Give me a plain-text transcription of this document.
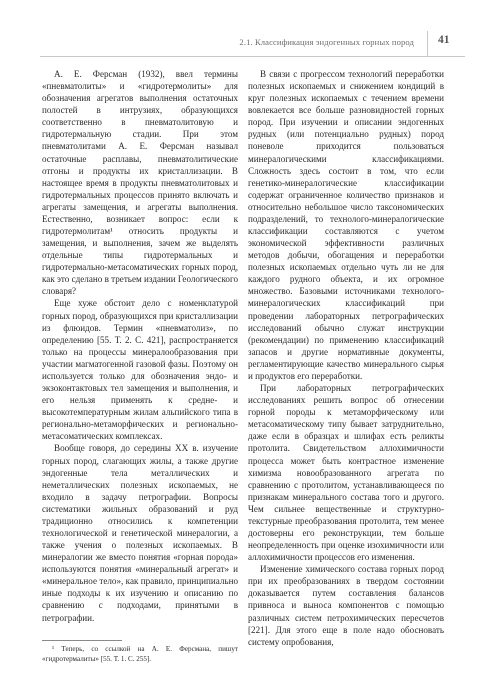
2.1. Классификация эндогенных горных пород 41

А. Е. Ферсман (1932), ввел термины «пневматолиты» и «гидротермолиты» для обозначения агрегатов выполнения остаточных полостей в интрузиях, образующихся соответственно в пневматолитовую и гидротермальную стадии. При этом пневматолитами А. Е. Ферсман называл остаточные расплавы, пневматолитические отгоны и продукты их кристаллизации. В настоящее время в продукты пневматолитовых и гидротермальных процессов принято включать и агрегаты замещения, и агрегаты выполнения. Естественно, возникает вопрос: если к гидротермолитам¹ относить продукты и замещения, и выполнения, зачем же выделять отдельные типы гидротермальных и гидротермально-метасоматических горных пород, как это сделано в третьем издании Геологического словаря?

Еще хуже обстоит дело с номенклатурой горных пород, образующихся при кристаллизации из флюидов. Термин «пневматолиз», по определению [55. Т. 2. С. 421], распространяется только на процессы минералообразования при участии магматогенной газовой фазы. Поэтому он используется только для обозначения эндо- и экзоконтактовых тел замещения и выполнения, и его нельзя применять к средне- и высокотемпературным жилам альпийского типа в регионально-метаморфических и регионально-метасоматических комплексах.

Вообще говоря, до середины XX в. изучение горных пород, слагающих жилы, а также другие эндогенные тела металлических и неметаллических полезных ископаемых, не входило в задачу петрографии. Вопросы систематики жильных образований и руд традиционно относились к компетенции технологической и генетической минералогии, а также учения о полезных ископаемых. В минералогии же вместо понятия «горная порода» используются понятия «минеральный агрегат» и «минеральное тело», как правило, принципиально иные подходы к их изучению и описанию по сравнению с подходами, принятыми в петрографии.

В связи с прогрессом технологий переработки полезных ископаемых и снижением кондиций в круг полезных ископаемых с течением времени вовлекается все больше разновидностей горных пород. При изучении и описании эндогенных рудных (или потенциально рудных) пород поневоле приходится пользоваться минералогическими классификациями. Сложность здесь состоит в том, что если генетико-минералогические классификации содержат ограниченное количество признаков и относительно небольшое число таксономических подразделений, то технолого-минералогические классификации составляются с учетом экономической эффективности различных методов добычи, обогащения и переработки полезных ископаемых отдельно чуть ли не для каждого рудного объекта, и их огромное множество. Базовыми источниками технолого-минералогических классификаций при проведении лабораторных петрографических исследований обычно служат инструкции (рекомендации) по применению классификаций запасов и другие нормативные документы, регламентирующие качество минерального сырья и продуктов его переработки.

При лабораторных петрографических исследованиях решить вопрос об отнесении горной породы к метаморфическому или метасоматическому типу бывает затруднительно, даже если в образцах и шлифах есть реликты протолита. Свидетельством аллохимичности процесса может быть контрастное изменение химизма новообразованного агрегата по сравнению с протолитом, устанавливающееся по признакам минерального состава того и другого. Чем сильнее вещественные и структурно-текстурные преобразования протолита, тем менее достоверны его реконструкции, тем больше неопределенность при оценке изохимичности или аллохимичности процессов его изменения.

Изменение химического состава горных пород при их преобразованиях в твердом состоянии доказывается путем составления балансов привноса и выноса компонентов с помощью различных систем петрохимических пересчетов [221]. Для этого еще в поле надо обосновать систему опробования,

¹ Теперь, со ссылкой на А. Е. Ферсмана, пишут «гидротермалиты» [55. Т. 1. С. 255].
